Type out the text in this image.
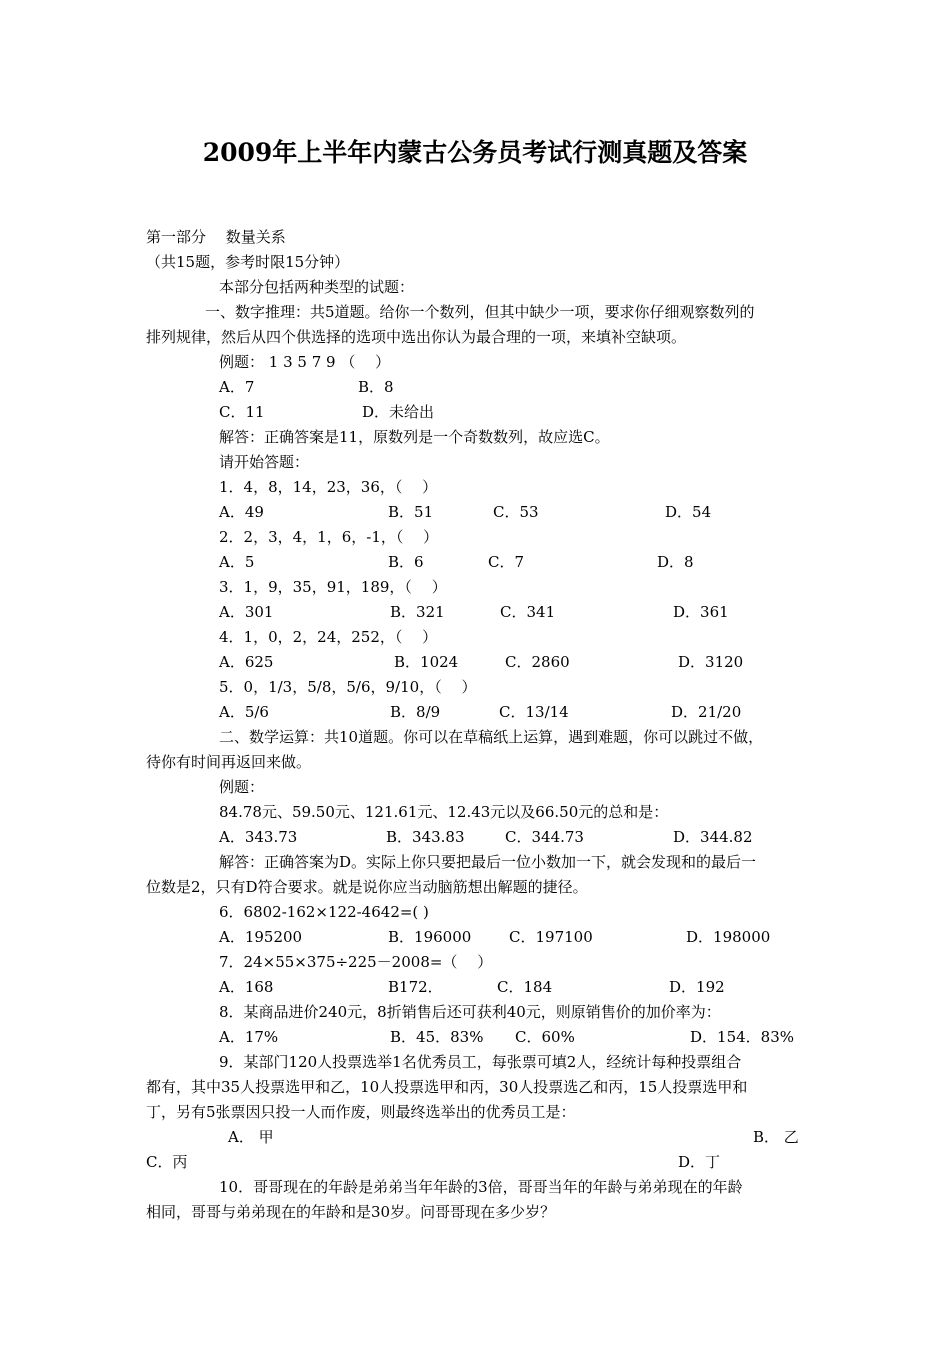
2009年上半年内蒙古公务员考试行测真题及答案
第一部分　 数量关系
（共15题，参考时限15分钟）
本部分包括两种类型的试题：
一、数字推理：共5道题。给你一个数列，但其中缺少一项，要求你仔细观察数列的
排列规律，然后从四个供选择的选项中选出你认为最合理的一项，来填补空缺项。
例题： 1 3 5 7 9 （　 ）
A．7	B．8
C．11	D．未给出
解答：正确答案是11，原数列是一个奇数数列，故应选C。
请开始答题：
1．4，8，14，23，36，（　 ）
A．49	B．51	C．53	D．54
2．2，3，4，1，6，-1，（　 ）
A．5	B．6	C．7	D．8
3．1，9，35，91，189，（　 ）
A．301	B．321	C．341	D．361
4．1，0，2，24，252，（　 ）
A．625	B．1024	C．2860	D．3120
5．0，1/3，5/8，5/6，9/10，（　 ）
A．5/6	B．8/9	C．13/14	D．21/20
二、数学运算：共10道题。你可以在草稿纸上运算，遇到难题，你可以跳过不做，
待你有时间再返回来做。
例题：
84.78元、59.50元、121.61元、12.43元以及66.50元的总和是：
A．343.73	B．343.83	C．344.73	D．344.82
解答：正确答案为D。实际上你只要把最后一位小数加一下，就会发现和的最后一
位数是2，只有D符合要求。就是说你应当动脑筋想出解题的捷径。
6．6802-162×122-4642=( )
A．195200	B．196000	C．197100	D．198000
7．24×55×375÷225－2008=（　 ）
A．168	B172．	C．184	D．192
8．某商品进价240元，8折销售后还可获利40元，则原销售价的加价率为：
A．17%	B．45．83% C．60%	D．154．83%
9．某部门120人投票选举1名优秀员工，每张票可填2人，经统计每种投票组合
都有，其中35人投票选甲和乙，10人投票选甲和丙，30人投票选乙和丙，15人投票选甲和
丁，另有5张票因只投一人而作废，则最终选举出的优秀员工是：
A． 甲	B． 乙
C．丙	D．丁
10．哥哥现在的年龄是弟弟当年年龄的3倍，哥哥当年的年龄与弟弟现在的年龄
相同，哥哥与弟弟现在的年龄和是30岁。问哥哥现在多少岁？
